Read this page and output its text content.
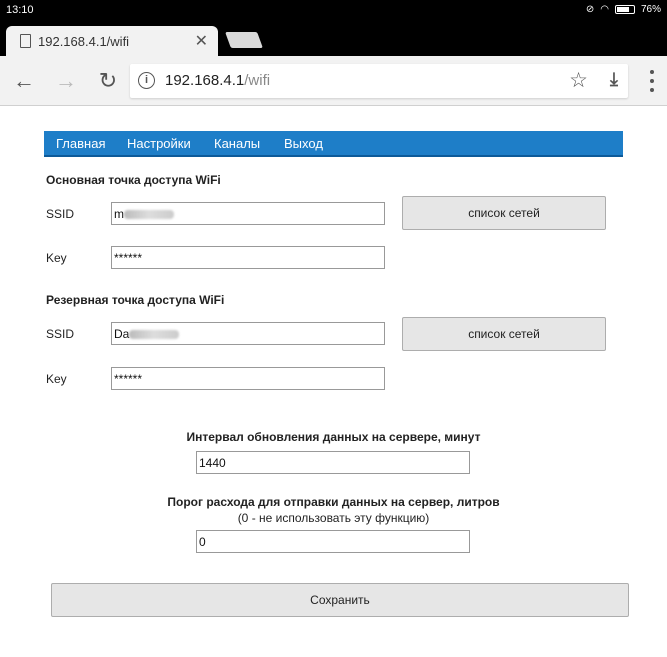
13:10	⊘ ◠	76%
192.168.4.1/wifi	✕
← → ↻	i	192.168.4.1/wifi	☆ ⤓
Главная Настройки Каналы Выход
Основная точка доступа WiFi
SSID	m	список сетей
Key	******
Резервная точка доступа WiFi
SSID	Da	список сетей
Key	******
Интервал обновления данных на сервере, минут
1440
Порог расхода для отправки данных на сервер, литров
(0 - не использовать эту функцию)
0
Сохранить
